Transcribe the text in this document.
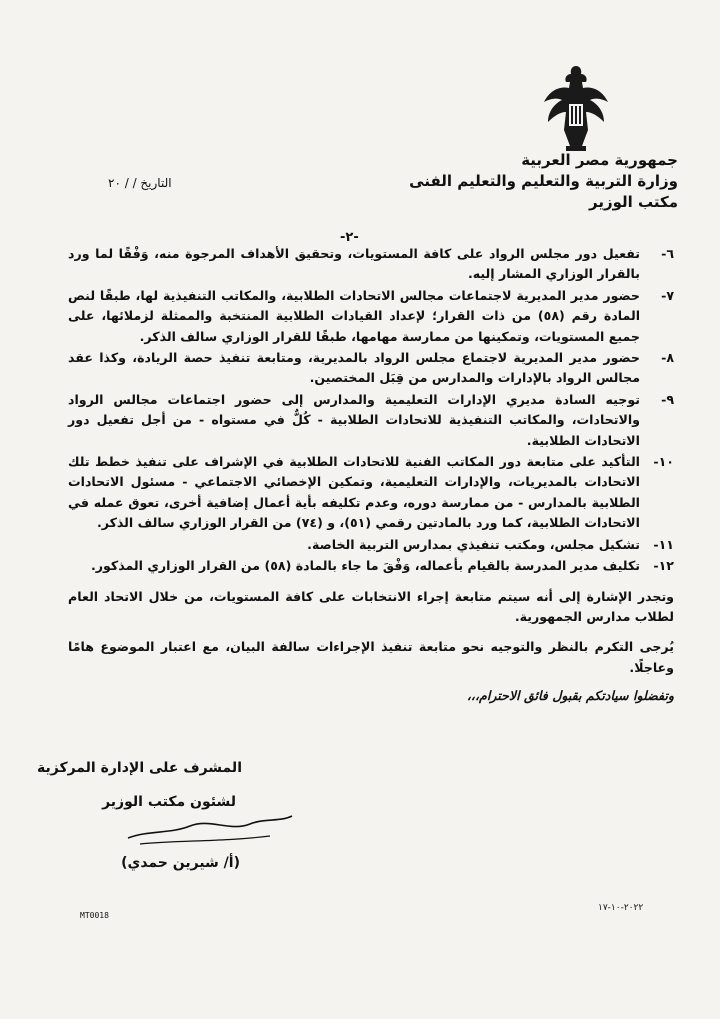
جمهورية مصر العربية
وزارة التربية والتعليم والتعليم الفنى
مكتب الوزير
التاريخ / / ٢٠
-٢-

٦-
تفعيل دور مجلس الرواد على كافة المستويات، وتحقيق الأهداف المرجوة منه، وَفْقًا لما ورد بالقرار الوزاري المشار إليه.

٧-
حضور مدير المديرية لاجتماعات مجالس الاتحادات الطلابية، والمكاتب التنفيذية لها، طبقًا لنص المادة رقم (٥٨) من ذات القرار؛ لإعداد القيادات الطلابية المنتخبة والممثلة لزملائها، على جميع المستويات، وتمكينها من ممارسة مهامها، طبقًا للقرار الوزاري سالف الذكر.

٨-
حضور مدير المديرية لاجتماع مجلس الرواد بالمديرية، ومتابعة تنفيذ حصة الريادة، وكذا عقد مجالس الرواد بالإدارات والمدارس من قِبَل المختصين.

٩-
توجيه السادة مديري الإدارات التعليمية والمدارس إلى حضور اجتماعات مجالس الرواد والاتحادات، والمكاتب التنفيذية للاتحادات الطلابية - كُلٌّ في مستواه - من أجل تفعيل دور الاتحادات الطلابية.

١٠-
التأكيد على متابعة دور المكاتب الفنية للاتحادات الطلابية في الإشراف على تنفيذ خطط تلك الاتحادات بالمديريات، والإدارات التعليمية، وتمكين الإخصائي الاجتماعي - مسئول الاتحادات الطلابية بالمدارس - من ممارسة دوره، وعدم تكليفه بأية أعمال إضافية أخرى، تعوق عمله في الاتحادات الطلابية، كما ورد بالمادتين رقمي (٥١)، و (٧٤) من القرار الوزاري سالف الذكر.

١١-
تشكيل مجلس، ومكتب تنفيذي بمدارس التربية الخاصة.

١٢-
تكليف مدير المدرسة بالقيام بأعماله، وَفْقَ ما جاء بالمادة (٥٨) من القرار الوزاري المذكور.

وتجدر الإشارة إلى أنه سيتم متابعة إجراء الانتخابات على كافة المستويات، من خلال الاتحاد العام لطلاب مدارس الجمهورية.

يُرجى التكرم بالنظر والتوجيه نحو متابعة تنفيذ الإجراءات سالفة البيان، مع اعتبار الموضوع هامًا وعاجلًا.

وتفضلوا سيادتكم بقبول فائق الاحترام،،،

المشرف على الإدارة المركزية
لشئون مكتب الوزير
(أ/ شيرين حمدي)
MT0018
٢٠٢٢-١٠-١٧
